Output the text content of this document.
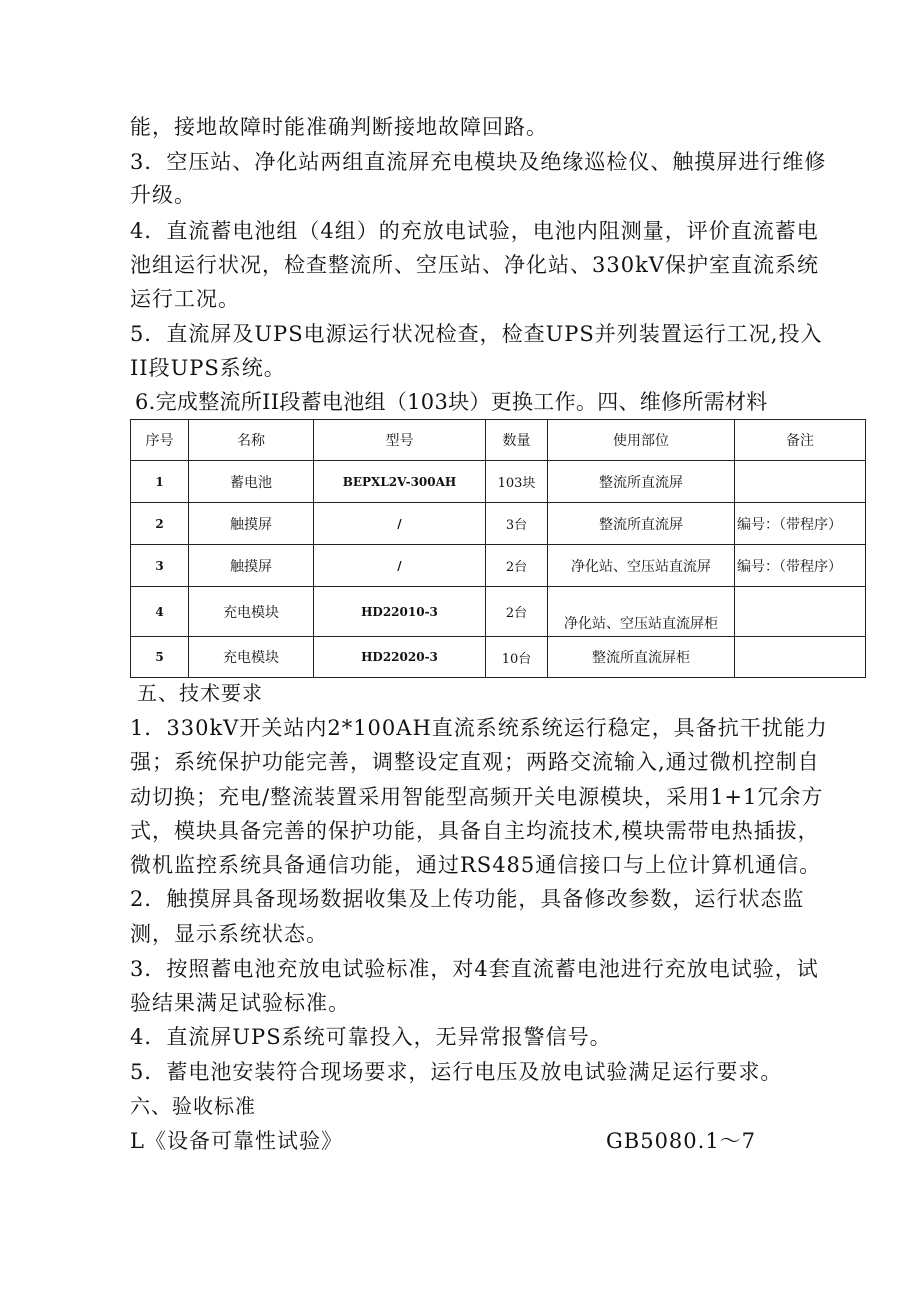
能，接地故障时能准确判断接地故障回路。
3．空压站、净化站两组直流屏充电模块及绝缘巡检仪、触摸屏进行维修
升级。
4．直流蓄电池组（4组）的充放电试验，电池内阻测量，评价直流蓄电
池组运行状况，检查整流所、空压站、净化站、330kV保护室直流系统
运行工况。
5．直流屏及UPS电源运行状况检查，检查UPS并列装置运行工况,投入
II段UPS系统。
6.完成整流所II段蓄电池组（103块）更换工作。四、维修所需材料
序号	名称	型号	数量	使用部位	备注
1	蓄电池	BEPXL2V-300AH	103块	整流所直流屏	
2	触摸屏	/	3台	整流所直流屏	编号：（带程序）
3	触摸屏	/	2台	净化站、空压站直流屏	编号：（带程序）
4	充电模块	HD22010-3	2台	净化站、空压站直流屏柜	
5	充电模块	HD22020-3	10台	整流所直流屏柜	
五、技术要求
1．330kV开关站内2*100AH直流系统系统运行稳定，具备抗干扰能力
强；系统保护功能完善，调整设定直观；两路交流输入,通过微机控制自
动切换；充电/整流装置采用智能型高频开关电源模块，采用1+1冗余方
式，模块具备完善的保护功能，具备自主均流技术,模块需带电热插拔，
微机监控系统具备通信功能，通过RS485通信接口与上位计算机通信。
2．触摸屏具备现场数据收集及上传功能，具备修改参数，运行状态监
测，显示系统状态。
3．按照蓄电池充放电试验标准，对4套直流蓄电池进行充放电试验，试
验结果满足试验标准。
4．直流屏UPS系统可靠投入，无异常报警信号。
5．蓄电池安装符合现场要求，运行电压及放电试验满足运行要求。
六、验收标准
L《设备可靠性试验》	GB5080.1～7
